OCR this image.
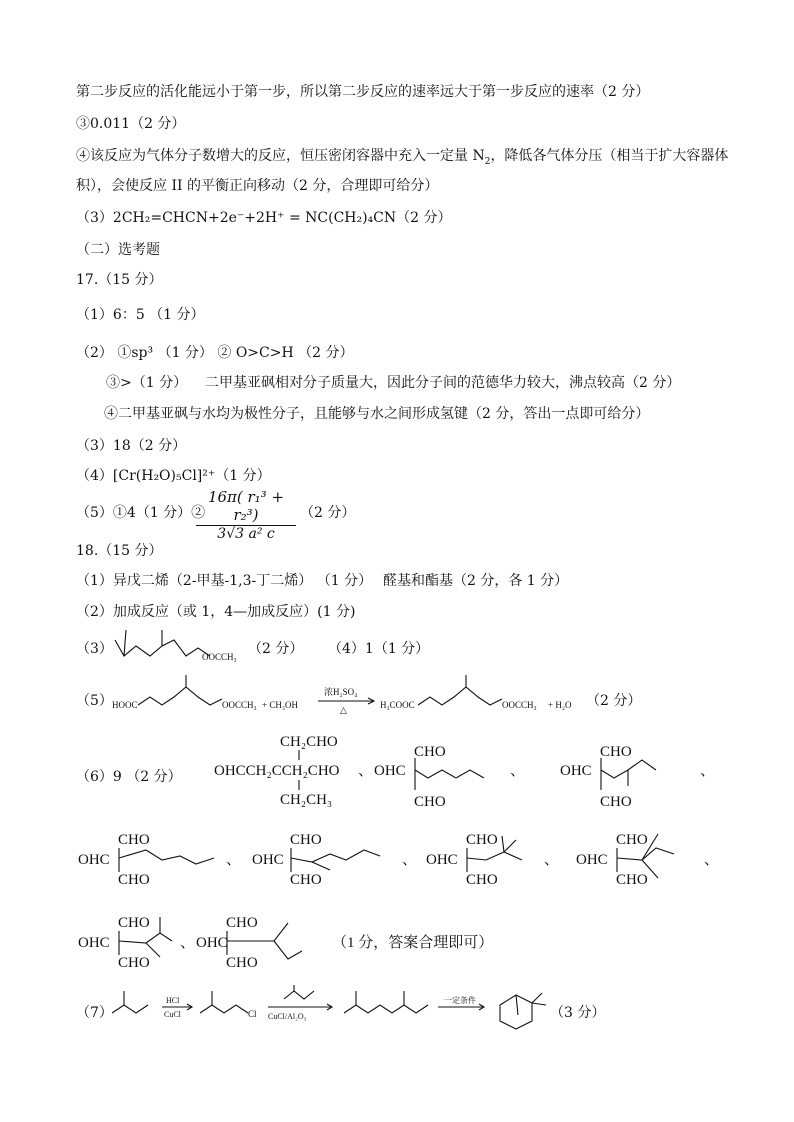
第二步反应的活化能远小于第一步，所以第二步反应的速率远大于第一步反应的速率（2 分）
③0.011（2 分）
④该反应为气体分子数增大的反应，恒压密闭容器中充入一定量 $N_2$，降低各气体分压（相当于扩大容器体
积），会使反应 II 的平衡正向移动（2 分，合理即可给分）
（3）2CH₂=CHCN+2e⁻+2H⁺ = NC(CH₂)₄CN（2 分）
（二）选考题
17.（15 分）
（1）6：5 （1 分）
（2） ①sp³ （1 分） ② O>C>H （2 分）
③>（1 分） 二甲基亚砜相对分子质量大，因此分子间的范德华力较大，沸点较高（2 分）
④二甲基亚砜与水均为极性分子，且能够与水之间形成氢键（2 分，答出一点即可给分）
（3）18（2 分）
（4）[Cr(H₂O)₅Cl]²⁺（1 分）
（5）①4（1 分）②
$\frac{\text{16π( r₁³ + r₂³)}}{\text{3√3 a² c}} (2$ 分）
18.（15 分）
（1）异戊二烯（2-甲基-1,3-丁二烯） （1 分） 醛基和酯基（2 分，各 1 分）
（2）加成反应（或 1，4—加成反应）(1 分)
（3）	OOCCH₃ （2 分） （4）1（1 分）
（5） HOOC	OOCCH₃ + CH₃OH
浓H₂SO₄
△	H₃COOC	OOCCH₃ + H₂O （2 分）
（6）9 （2 分）
CH₂CHO
OHCCH₂CCH₂CHO
CH₂CH₃
、 OHC
CHO
CHO
、 OHC
CHO
CHO
、
OHC
CHO
CHO
、 OHC
CHO
CHO
、 OHC
CHO
CHO
、 OHC
CHO
CHO
、
OHC
CHO
CHO
、 OHC
CHO
CHO
（1 分，答案合理即可）
（7）
HCl
CuCl	Cl CuCl/Al₂O₃
一定条件
（3 分）
